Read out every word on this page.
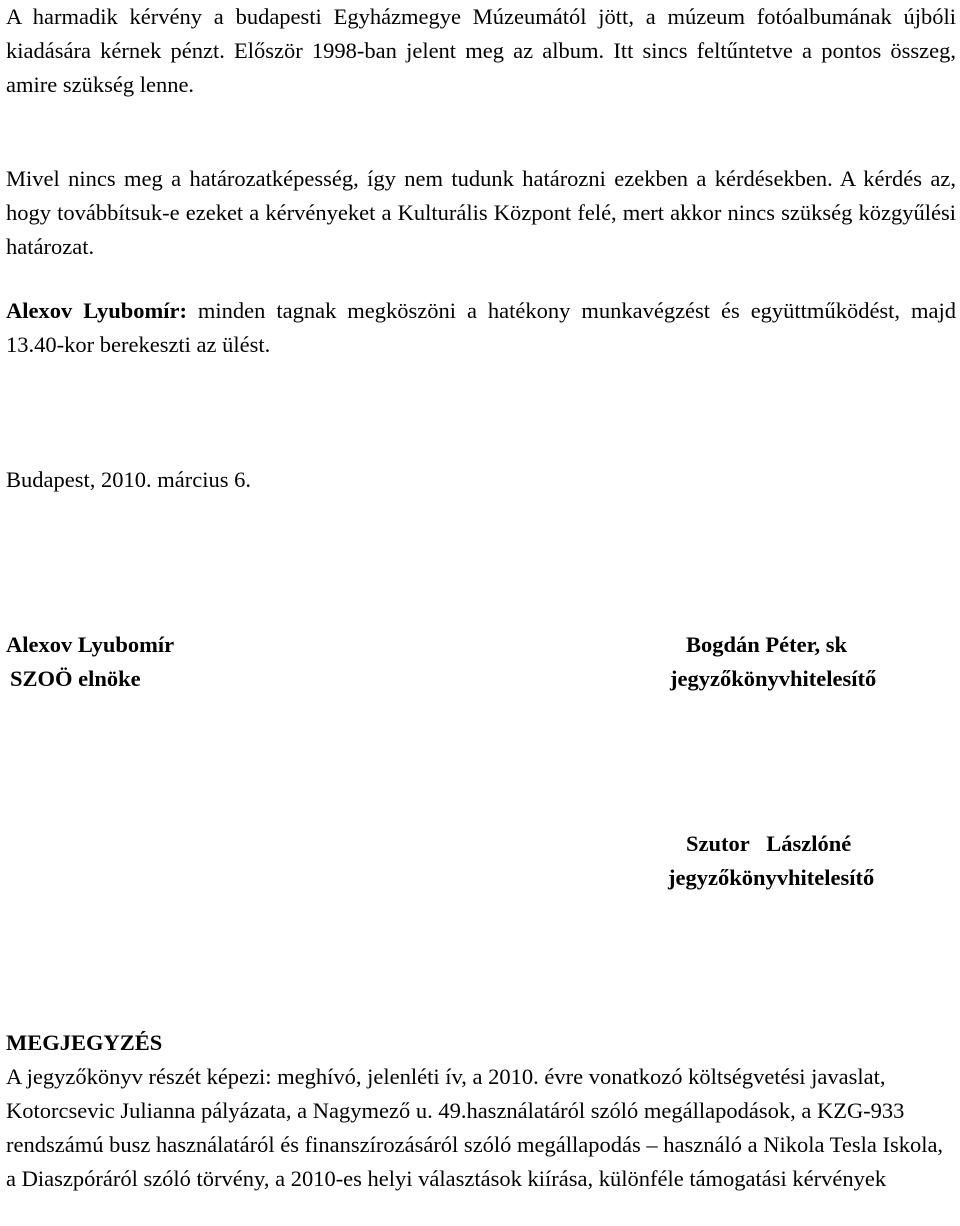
A harmadik kérvény a budapesti Egyházmegye Múzeumától jött, a múzeum fotóalbumának újbóli kiadására kérnek pénzt. Először 1998-ban jelent meg az album. Itt sincs feltűntetve a pontos összeg, amire szükség lenne.

Mivel nincs meg a határozatképesség, így nem tudunk határozni ezekben a kérdésekben. A kérdés az, hogy továbbítsuk-e ezeket a kérvényeket a Kulturális Központ felé, mert akkor nincs szükség közgyűlési határozat.

Alexov Lyubomír: minden tagnak megköszöni a hatékony munkavégzést és együttműködést, majd 13.40-kor berekeszti az ülést.

Budapest, 2010. március 6.

Alexov Lyubomír
SZOÖ elnöke
Bogdán Péter, sk
jegyzőkönyvhitelesítő
Szutor   Lászlóné
jegyzőkönyvhitelesítő
MEGJEGYZÉS

A jegyzőkönyv részét képezi: meghívó, jelenléti ív, a 2010. évre vonatkozó költségvetési javaslat, Kotorcsevic Julianna pályázata, a Nagymező u. 49.használatáról szóló megállapodások, a KZG-933 rendszámú busz használatáról és finanszírozásáról szóló megállapodás – használó a Nikola Tesla Iskola, a Diaszpóráról szóló törvény, a 2010-es helyi választások kiírása, különféle támogatási kérvények
